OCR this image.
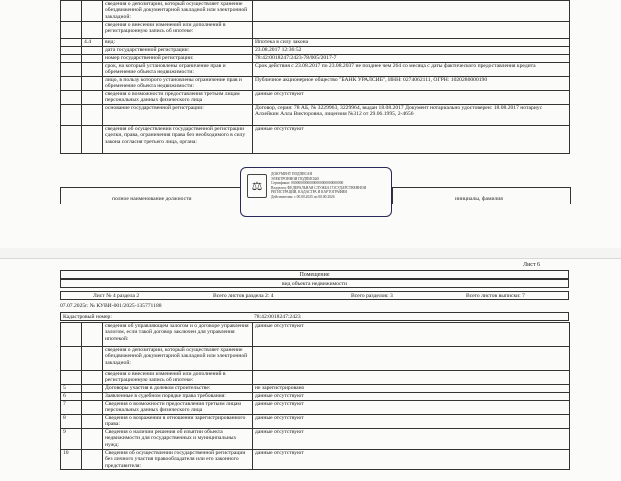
		сведения о депозитарии, который осуществляет хранение обездвиженной документарной закладной или электронной закладной:	
		сведения о внесении изменений или дополнений в регистрационную запись об ипотеке:	
	4.4	вид:	Ипотека в силу закона
		дата государственной регистрации:	23.08.2017 12:36:52
		номер государственной регистрации:	78:42:0018247:2423-78/005/2017-7
		срок, на который установлены ограничение прав и обременение объекта недвижимости:	Срок действия с 23.08.2017 по 23.08.2037 не позднее чем 264 со месяца с даты фактического предоставления кредита
		лицо, в пользу которого установлены ограничение прав и обременение объекта недвижимости:	Публичное акционерное общество "БАНК УРАЛСИБ", ИНН: 0274062111, ОГРН: 1020280000190
		сведения о возможности предоставления третьим лицам персональных данных физического лица	данные отсутствуют
		основание государственной регистрации:	Договор, серия: 78 АБ, № 3229963, 3229964, выдан 18.08.2017 Документ нотариально удостоверен: 18.08.2017 нотариус Алхейкин Алла Викторовна, лицензия №312 от 29.06.1995, 2-4656
		сведения об осуществлении государственной регистрации сделки, права, ограничения права без необходимого в силу закона согласия третьего лица, органа:	данные отсутствуют
полное наименование должности	инициалы, фамилия
⚖
ДОКУМЕНТ ПОДПИСАН
ЭЛЕКТРОННОЙ ПОДПИСЬЮ
Сертификат: 00000000000000000000000000000
Владелец: ФЕДЕРАЛЬНАЯ СЛУЖБА ГОСУДАРСТВЕННОЙ
РЕГИСТРАЦИИ, КАДАСТРА И КАРТОГРАФИИ
Действителен: с 00.00.2025 по 00.00.2026
Лист 6
Помещение
вид объекта недвижимости
Лист № 4 раздела 2	Всего листов раздела 2: 4	Всего разделов: 3	Всего листов выписки: 7
07.07.2025г. № КУВИ-001/2025-135771188
Кадастровый номер:	78:42:0018247:2423
		сведения об управляющем залогом и о договоре управления залогом, если такой договор заключен для управления ипотекой:	данные отсутствуют
		сведения о депозитарии, который осуществляет хранение обездвиженной документарной закладной или электронной закладной:	
		сведения о внесении изменений или дополнений в регистрационную запись об ипотеке:	
5		Договоры участия в долевом строительстве:	не зарегистрировано
6		Заявленные в судебном порядке права требования:	данные отсутствуют
7		Сведения о возможности предоставления третьим лицам персональных данных физического лица	данные отсутствуют
8		Сведения о возражении в отношении зарегистрированного права:	данные отсутствуют
9		Сведения о наличии решения об изъятии объекта недвижимости для государственных и муниципальных нужд:	данные отсутствуют
10		Сведения об осуществлении государственной регистрации без личного участия правообладателя или его законного представителя:	данные отсутствуют
